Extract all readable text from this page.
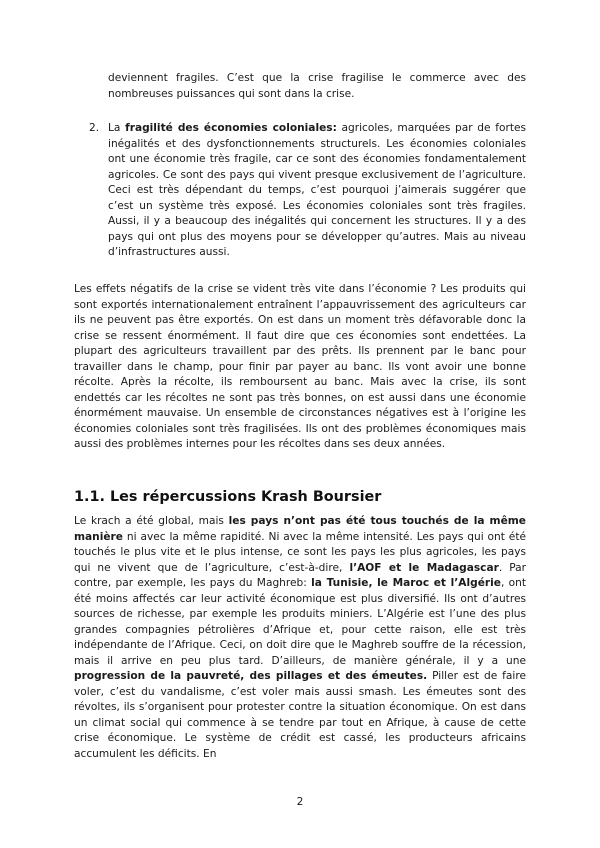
deviennent fragiles. C’est que la crise fragilise le commerce avec des nombreuses puissances qui sont dans la crise.

2. La fragilité des économies coloniales: agricoles, marquées par de fortes inégalités et des dysfonctionnements structurels. Les économies coloniales ont une économie très fragile, car ce sont des économies fondamentalement agricoles. Ce sont des pays qui vivent presque exclusivement de l’agriculture. Ceci est très dépendant du temps, c’est pourquoi j’aimerais suggérer que c’est un système très exposé. Les économies coloniales sont très fragiles. Aussi, il y a beaucoup des inégalités qui concernent les structures. Il y a des pays qui ont plus des moyens pour se développer qu’autres. Mais au niveau d’infrastructures aussi.

Les effets négatifs de la crise se vident très vite dans l’économie ? Les produits qui sont exportés internationalement entraînent l’appauvrissement des agriculteurs car ils ne peuvent pas être exportés. On est dans un moment très défavorable donc la crise se ressent énormément. Il faut dire que ces économies sont endettées. La plupart des agriculteurs travaillent par des prêts. Ils prennent par le banc pour travailler dans le champ, pour finir par payer au banc. Ils vont avoir une bonne récolte. Après la récolte, ils remboursent au banc. Mais avec la crise, ils sont endettés car les récoltes ne sont pas très bonnes, on est aussi dans une économie énormément mauvaise. Un ensemble de circonstances négatives est à l’origine les économies coloniales sont très fragilisées. Ils ont des problèmes économiques mais aussi des problèmes internes pour les récoltes dans ses deux années.

1.1. Les répercussions Krash Boursier

Le krach a été global, mais les pays n’ont pas été tous touchés de la même manière ni avec la même rapidité. Ni avec la même intensité. Les pays qui ont été touchés le plus vite et le plus intense, ce sont les pays les plus agricoles, les pays qui ne vivent que de l’agriculture, c’est-à-dire, l’AOF et le Madagascar. Par contre, par exemple, les pays du Maghreb: la Tunisie, le Maroc et l’Algérie, ont été moins affectés car leur activité économique est plus diversifié. Ils ont d’autres sources de richesse, par exemple les produits miniers. L’Algérie est l’une des plus grandes compagnies pétrolières d’Afrique et, pour cette raison, elle est très indépendante de l’Afrique. Ceci, on doit dire que le Maghreb souffre de la récession, mais il arrive en peu plus tard. D’ailleurs, de manière générale, il y a une progression de la pauvreté, des pillages et des émeutes. Piller est de faire voler, c’est du vandalisme, c’est voler mais aussi smash. Les émeutes sont des révoltes, ils s’organisent pour protester contre la situation économique. On est dans un climat social qui commence à se tendre par tout en Afrique, à cause de cette crise économique. Le système de crédit est cassé, les producteurs africains accumulent les déficits. En

2
